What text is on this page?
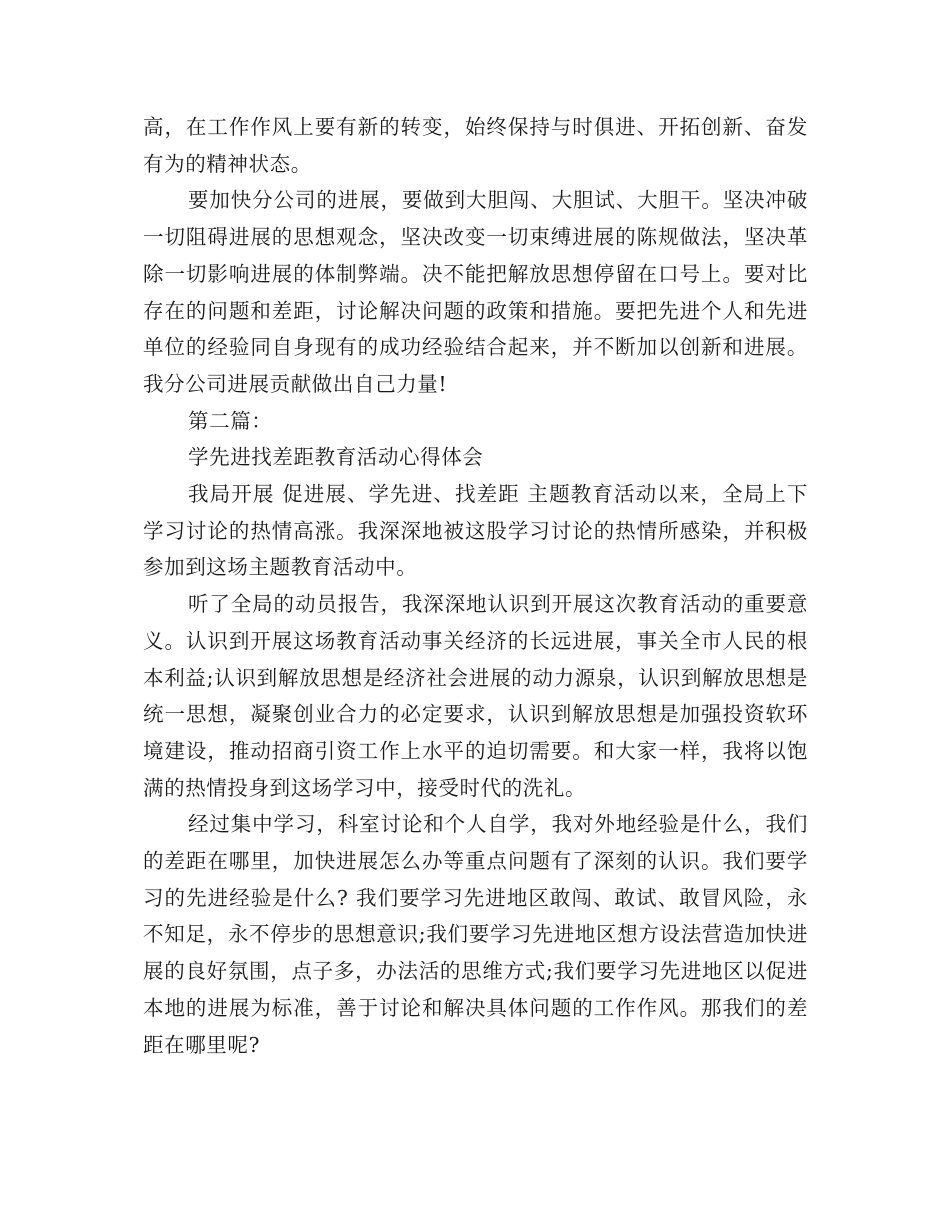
高，在工作作风上要有新的转变，始终保持与时俱进、开拓创新、奋发有为的精神状态。

要加快分公司的进展，要做到大胆闯、大胆试、大胆干。坚决冲破一切阻碍进展的思想观念，坚决改变一切束缚进展的陈规做法，坚决革除一切影响进展的体制弊端。决不能把解放思想停留在口号上。要对比存在的问题和差距，讨论解决问题的政策和措施。要把先进个人和先进单位的经验同自身现有的成功经验结合起来，并不断加以创新和进展。我分公司进展贡献做出自己力量!

第二篇：

学先进找差距教育活动心得体会

我局开展 促进展、学先进、找差距 主题教育活动以来，全局上下学习讨论的热情高涨。我深深地被这股学习讨论的热情所感染，并积极参加到这场主题教育活动中。

听了全局的动员报告，我深深地认识到开展这次教育活动的重要意义。认识到开展这场教育活动事关经济的长远进展，事关全市人民的根本利益;认识到解放思想是经济社会进展的动力源泉，认识到解放思想是统一思想，凝聚创业合力的必定要求，认识到解放思想是加强投资软环境建设，推动招商引资工作上水平的迫切需要。和大家一样，我将以饱满的热情投身到这场学习中，接受时代的洗礼。

经过集中学习，科室讨论和个人自学，我对外地经验是什么，我们的差距在哪里，加快进展怎么办等重点问题有了深刻的认识。我们要学习的先进经验是什么? 我们要学习先进地区敢闯、敢试、敢冒风险，永不知足，永不停步的思想意识;我们要学习先进地区想方设法营造加快进展的良好氛围，点子多，办法活的思维方式;我们要学习先进地区以促进本地的进展为标准，善于讨论和解决具体问题的工作作风。那我们的差距在哪里呢?
